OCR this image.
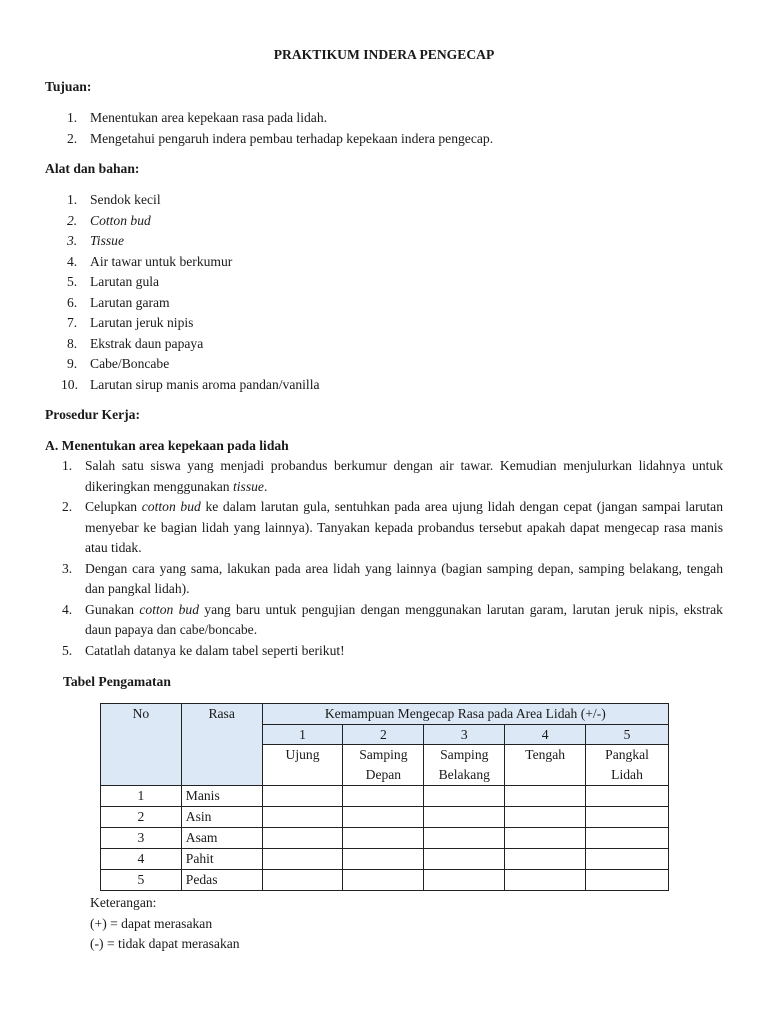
PRAKTIKUM INDERA PENGECAP
Tujuan:
1. Menentukan area kepekaan rasa pada lidah.
2. Mengetahui pengaruh indera pembau terhadap kepekaan indera pengecap.
Alat dan bahan:
1. Sendok kecil
2. Cotton bud
3. Tissue
4. Air tawar untuk berkumur
5. Larutan gula
6. Larutan garam
7. Larutan jeruk nipis
8. Ekstrak daun papaya
9. Cabe/Boncabe
10. Larutan sirup manis aroma pandan/vanilla
Prosedur Kerja:
A. Menentukan area kepekaan pada lidah
1. Salah satu siswa yang menjadi probandus berkumur dengan air tawar. Kemudian menjulurkan lidahnya untuk dikeringkan menggunakan tissue.
2. Celupkan cotton bud ke dalam larutan gula, sentuhkan pada area ujung lidah dengan cepat (jangan sampai larutan menyebar ke bagian lidah yang lainnya). Tanyakan kepada probandus tersebut apakah dapat mengecap rasa manis atau tidak.
3. Dengan cara yang sama, lakukan pada area lidah yang lainnya (bagian samping depan, samping belakang, tengah dan pangkal lidah).
4. Gunakan cotton bud yang baru untuk pengujian dengan menggunakan larutan garam, larutan jeruk nipis, ekstrak daun papaya dan cabe/boncabe.
5. Catatlah datanya ke dalam tabel seperti berikut!
Tabel Pengamatan
No	Rasa	Kemampuan Mengecap Rasa pada Area Lidah (+/-)				
		1	2	3	4	5
		Ujung	Samping Depan	Samping Belakang	Tengah	Pangkal Lidah
1	Manis					
2	Asin					
3	Asam					
4	Pahit					
5	Pedas					
Keterangan:
(+) = dapat merasakan
(-) = tidak dapat merasakan
